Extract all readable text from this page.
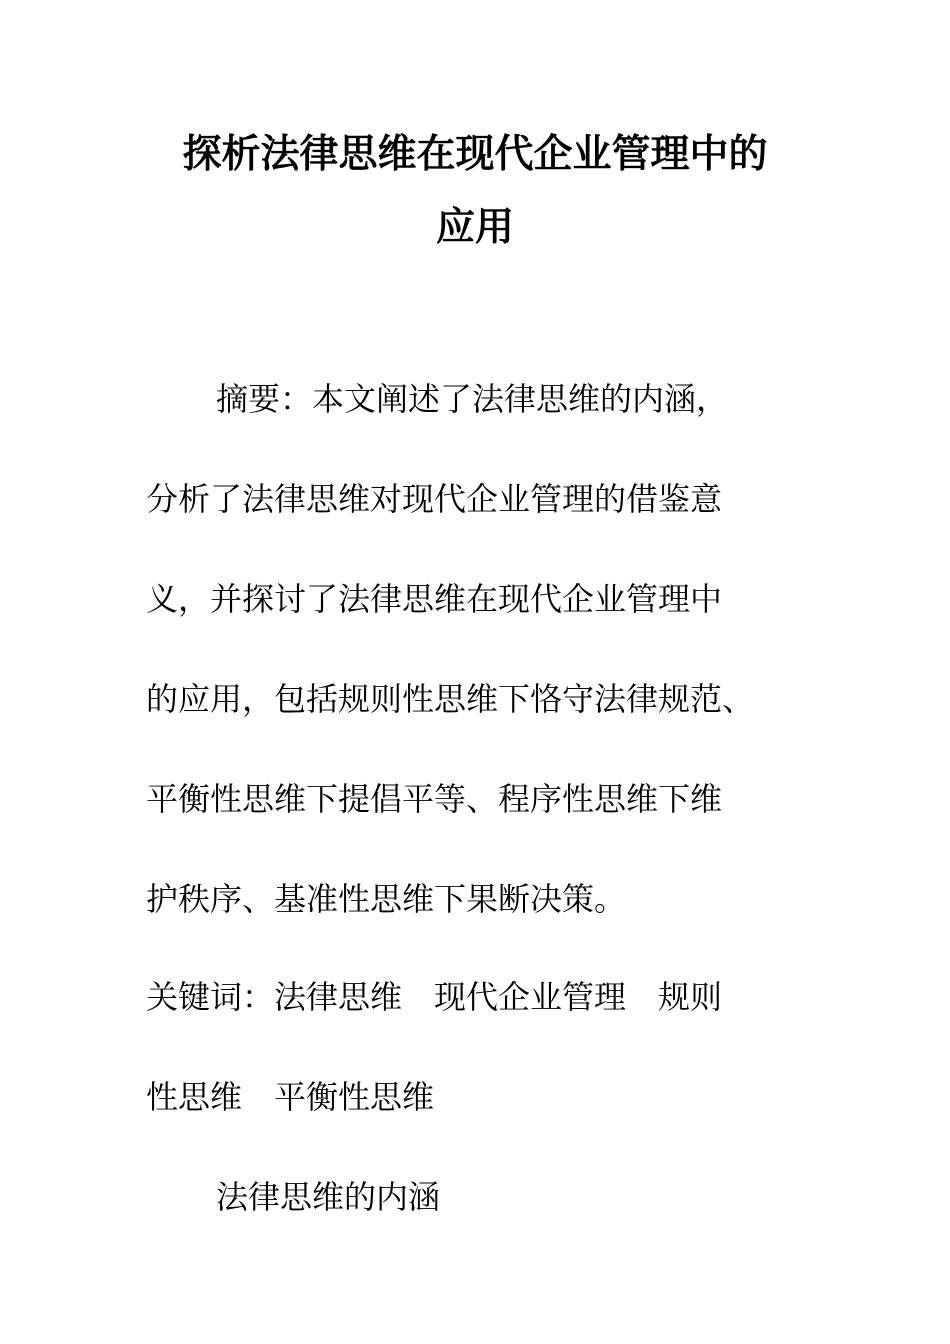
探析法律思维在现代企业管理中的
应用
摘要：本文阐述了法律思维的内涵，
分析了法律思维对现代企业管理的借鉴意
义，并探讨了法律思维在现代企业管理中
的应用，包括规则性思维下恪守法律规范、
平衡性思维下提倡平等、程序性思维下维
护秩序、基准性思维下果断决策。
关键词：法律思维　现代企业管理　规则
性思维　平衡性思维
法律思维的内涵
